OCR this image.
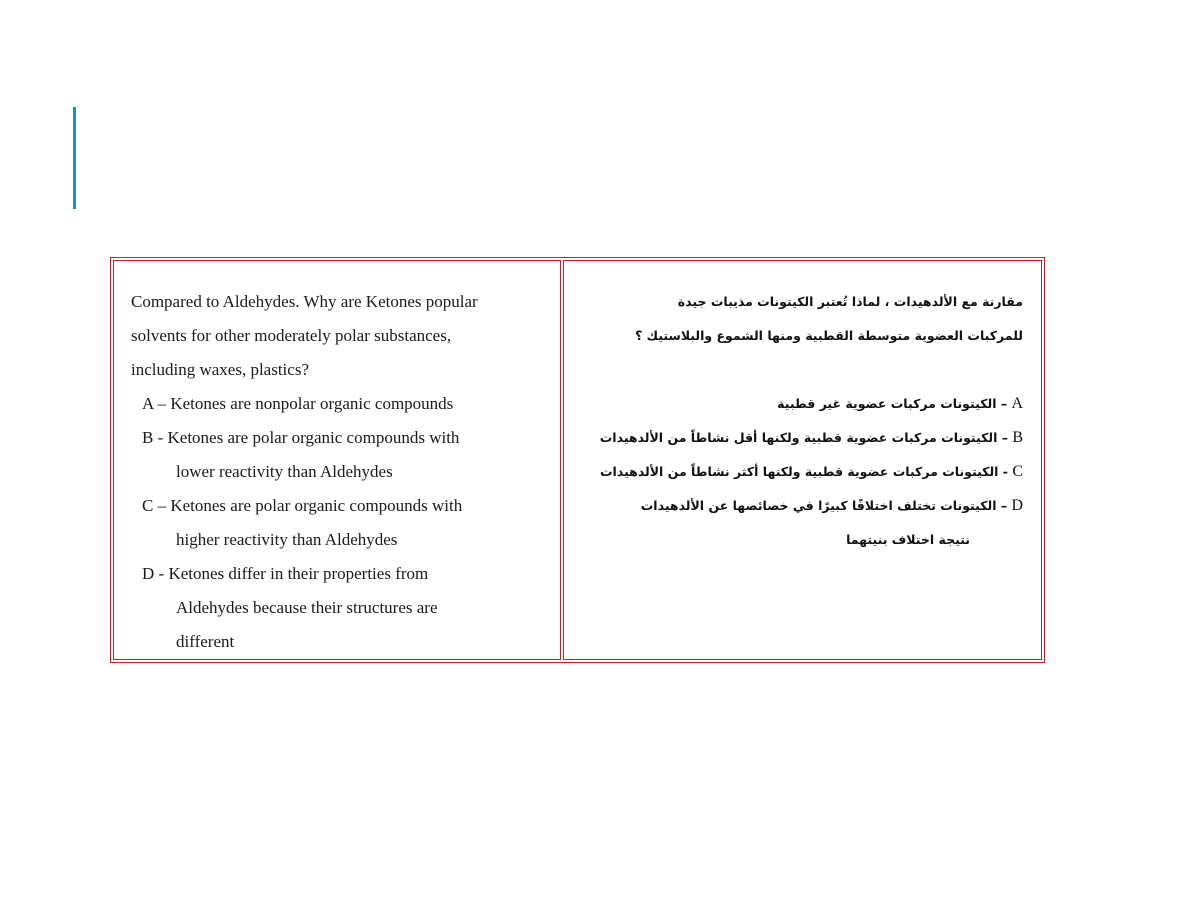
Compared to Aldehydes. Why are Ketones popular
solvents for other moderately polar substances,
including waxes, plastics?
A – Ketones are nonpolar organic compounds
B - Ketones are polar organic compounds with
lower reactivity than Aldehydes
C – Ketones are polar organic compounds with
higher reactivity than Aldehydes
D - Ketones differ in their properties from
Aldehydes because their structures are
different
مقارنة مع الألدهيدات ، لماذا تُعتبر الكيتونات مذيبات جيدة
للمركبات العضوية متوسطة القطبية ومنها الشموع والبلاستيك ؟
A – الكيتونات مركبات عضوية غير قطبية
B – الكيتونات مركبات عضوية قطبية ولكنها أقل نشاطاً من الألدهيدات
C - الكيتونات مركبات عضوية قطبية ولكنها أكثر نشاطاً من الألدهيدات
D – الكيتونات تختلف اختلافًا كبيرًا في خصائصها عن الألدهيدات
نتيجة اختلاف بنيتهما
